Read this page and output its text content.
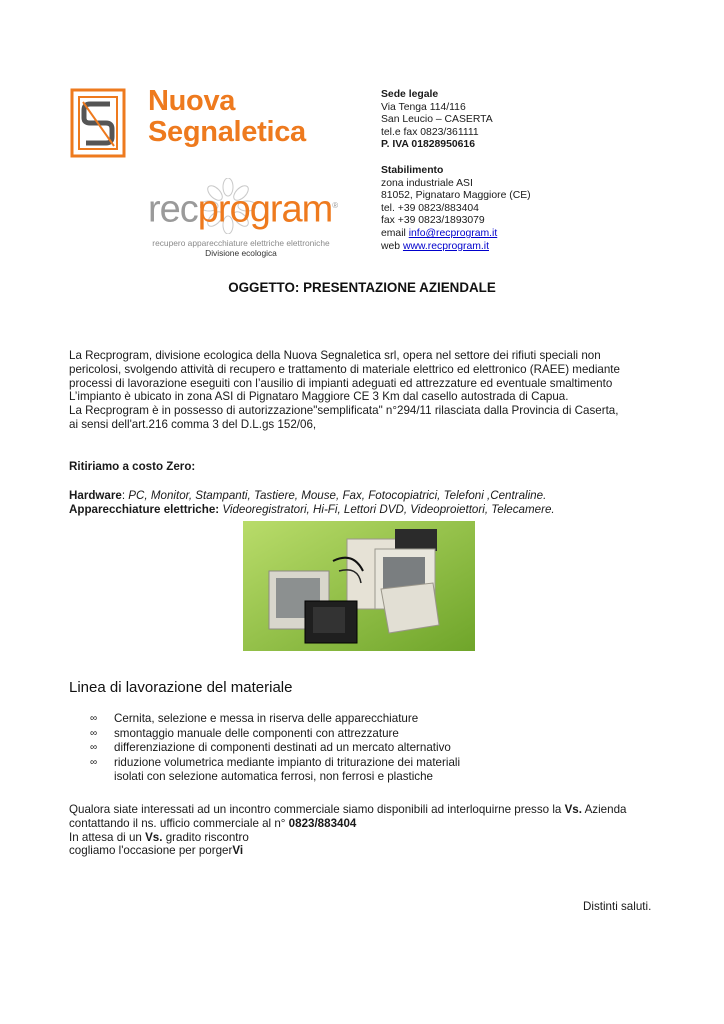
Nuova
Segnaletica
recprogram®
recupero apparecchiature elettriche elettroniche
Divisione ecologica
Sede legale
Via Tenga 114/116
San Leucio – CASERTA
tel.e fax 0823/361111
P. IVA 01828950616
Stabilimento
zona industriale ASI
81052, Pignataro Maggiore (CE)
tel. +39 0823/883404
fax +39 0823/1893079
email info@recprogram.it
web www.recprogram.it
OGGETTO: PRESENTAZIONE AZIENDALE
La Recprogram, divisione ecologica della Nuova Segnaletica srl, opera nel settore dei rifiuti speciali non
pericolosi, svolgendo attività di recupero e trattamento di materiale elettrico ed elettronico (RAEE) mediante
processi di lavorazione eseguiti con l’ausilio di impianti adeguati ed attrezzature ed eventuale smaltimento
L’impianto è ubicato in zona ASI di Pignataro Maggiore CE 3 Km dal casello autostrada di Capua.
La Recprogram è in possesso di autorizzazione"semplificata" n°294/11 rilasciata dalla Provincia di Caserta,
ai sensi dell'art.216 comma 3 del D.L.gs 152/06,
Ritiriamo a costo Zero:
Hardware: PC, Monitor, Stampanti, Tastiere, Mouse, Fax, Fotocopiatrici, Telefoni ,Centraline.
Apparecchiature elettriche: Videoregistratori, Hi-Fi, Lettori DVD, Videoproiettori, Telecamere.
Linea di lavorazione del materiale
∞ Cernita, selezione e messa in riserva delle apparecchiature
∞ smontaggio manuale delle componenti con attrezzature
∞ differenziazione di componenti destinati ad un mercato alternativo
∞ riduzione volumetrica mediante impianto di triturazione dei materiali
isolati con selezione automatica ferrosi, non ferrosi e plastiche
Qualora siate interessati ad un incontro commerciale siamo disponibili ad interloquirne presso la Vs. Azienda
contattando il ns. ufficio commerciale al n° 0823/883404
In attesa di un Vs. gradito riscontro
cogliamo l'occasione per porgerVi
Distinti saluti.
